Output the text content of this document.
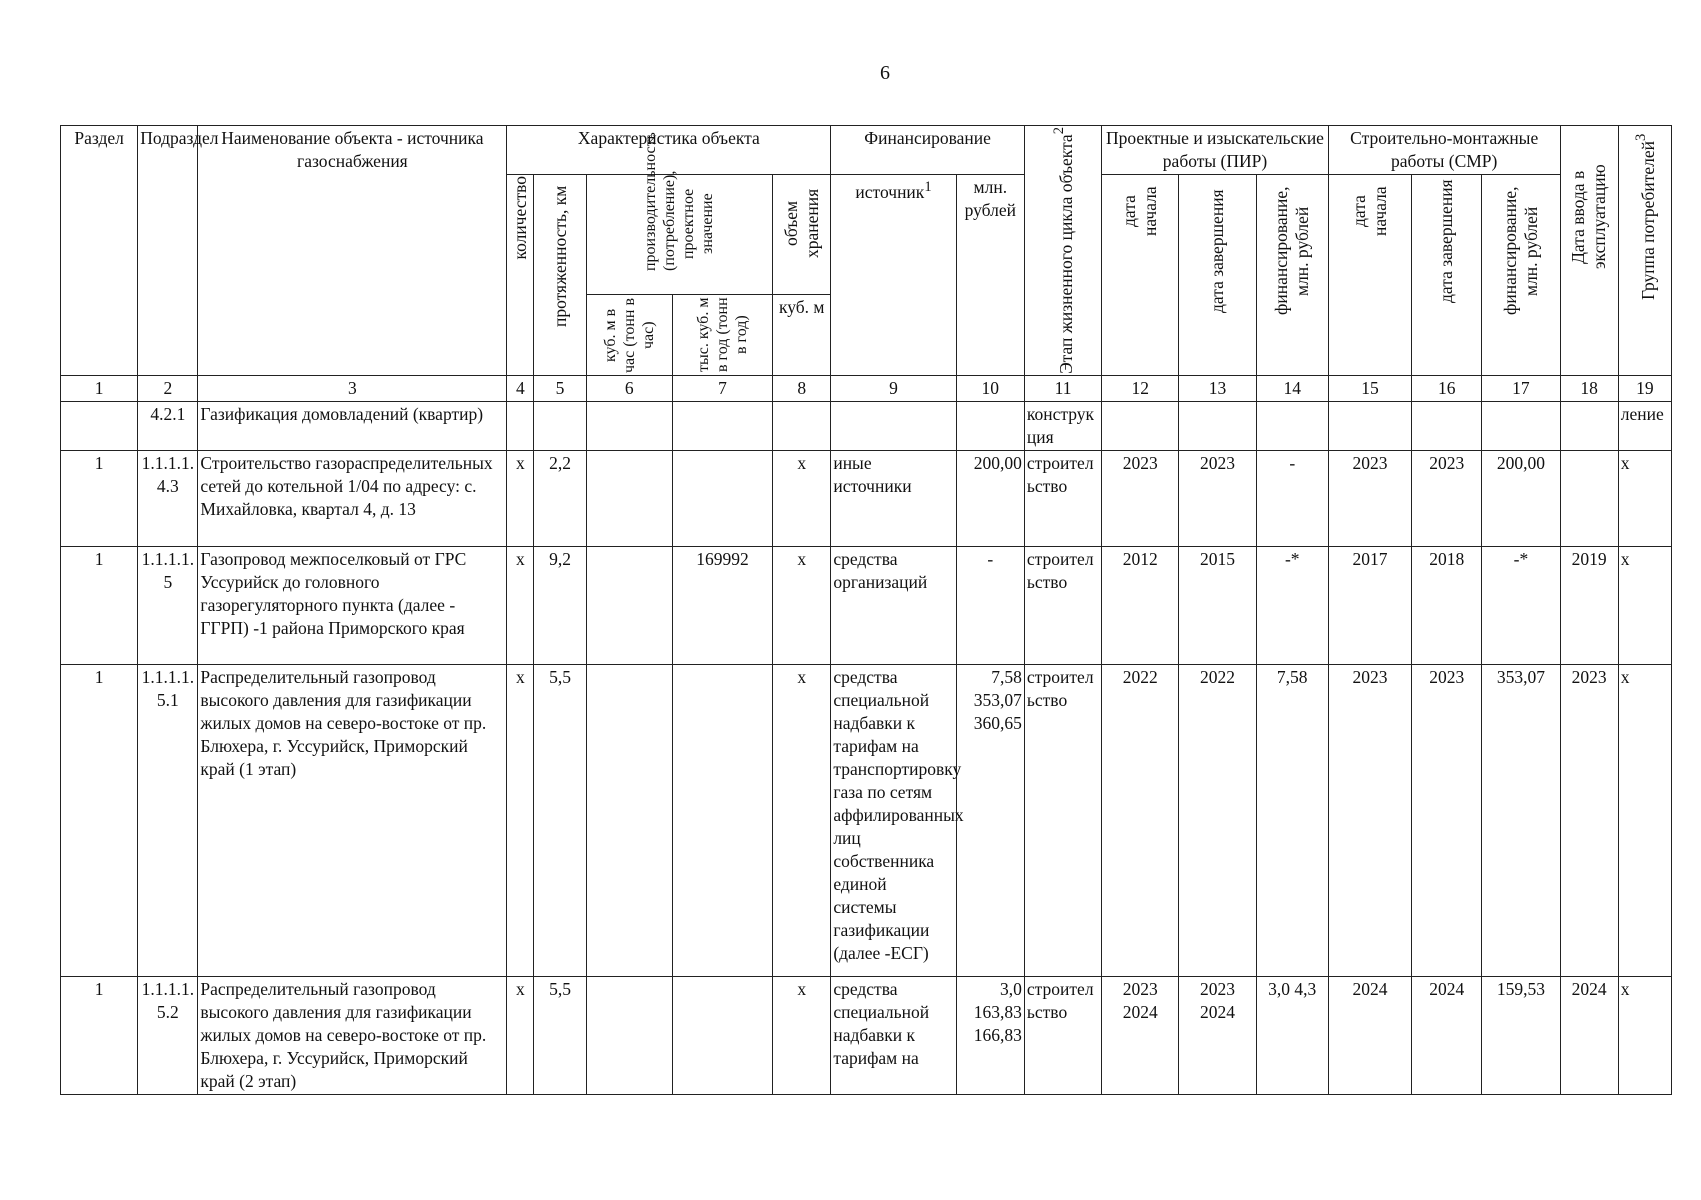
6
Раздел	Подраздел	Наименование объекта - источника газоснабжения	Характеристика объекта					Финансирование		Этап жизненного цикла объекта$^2$	Проектные и изыскательские работы (ПИР)			Строительно-монтажные работы (СМР)			Дата ввода в эксплуатацию	Группа потребителей$^3$

			количество	протяженность, км	производительность (потребление), проектное значение		объем хранения	источник$^1$	млн. рублей		дата начала	дата завершения	финансирование, млн. рублей	дата начала	дата завершения	финансирование, млн. рублей		

					куб. м в час (тонн в час)	тыс. куб. м в год (тонн в год)	куб. м											
1	2	3	4	5	6	7	8	9	10	11	12	13	14	15	16	17	18	19
	4.2.1	Газификация домовладений (квартир)								конструкция								ление
1	1.1.1.1.4.3	Строительство газораспределительных сетей до котельной 1/04 по адресу: с. Михайловка, квартал 4, д. 13	х	2,2			х	иные источники	200,00	строительство	2023	2023	-	2023	2023	200,00		х
1	1.1.1.1.5	Газопровод межпоселковый от ГРС Уссурийск до головного газорегуляторного пункта (далее - ГГРП) -1 района Приморского края	х	9,2		169992	х	средства организаций	-	строительство	2012	2015	-*	2017	2018	-*	2019	х
1	1.1.1.1.5.1	Распределительный газопровод высокого давления для газификации жилых домов на северо-востоке от пр. Блюхера, г. Уссурийск, Приморский край (1 этап)	х	5,5			х	средства специальной надбавки к тарифам на транспортировку газа по сетям аффилированных лиц собственника единой системы газификации (далее -ЕСГ)	7,58 353,07 360,65	строительство	2022	2022	7,58	2023	2023	353,07	2023	х
1	1.1.1.1.5.2	Распределительный газопровод высокого давления для газификации жилых домов на северо-востоке от пр. Блюхера, г. Уссурийск, Приморский край (2 этап)	х	5,5			х	средства специальной надбавки к тарифам на	3,0 163,83 166,83	строительство	2023 2024	2023 2024	3,0 4,3	2024	2024	159,53	2024	х
